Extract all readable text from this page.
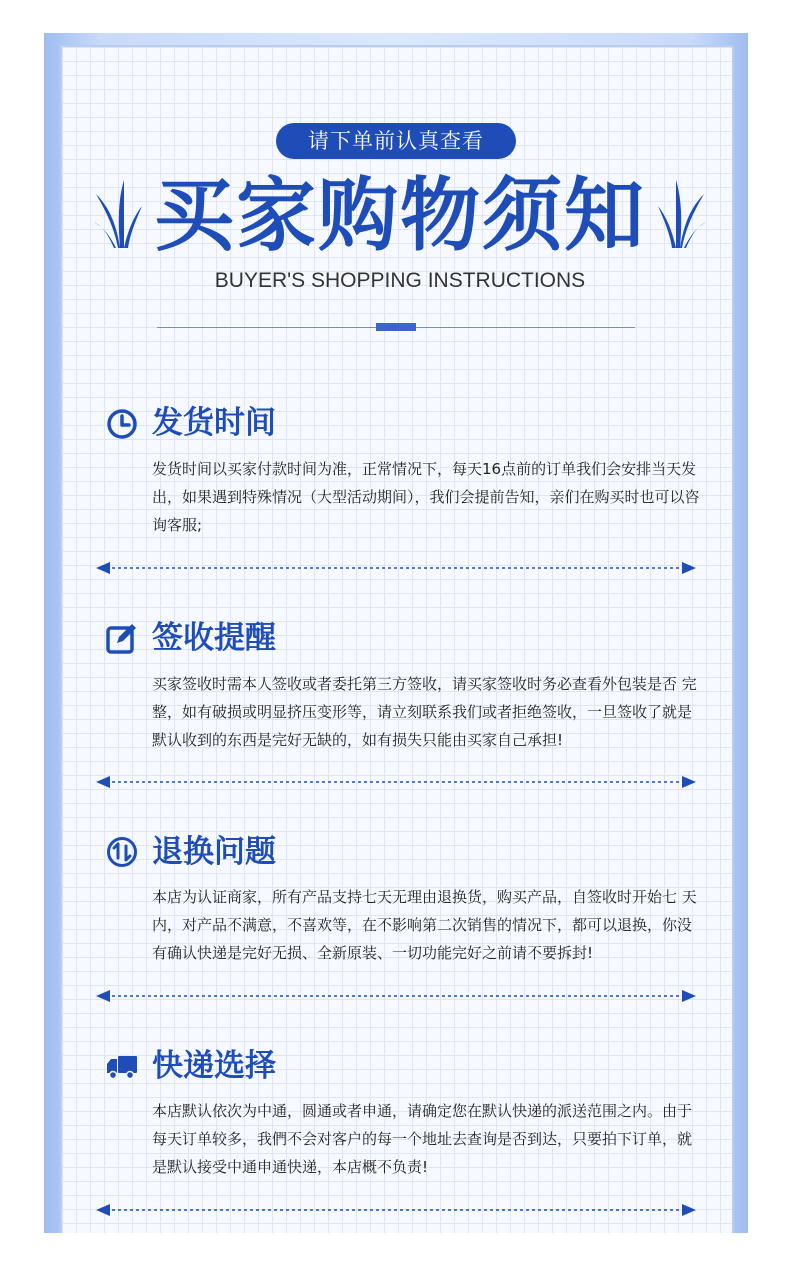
请下单前认真查看
买家购物须知
BUYER'S SHOPPING INSTRUCTIONS
发货时间
发货时间以买家付款时间为准，正常情况下，每天16点前的订单我们会安排当天发出，如果遇到特殊情况（大型活动期间），我们会提前告知，亲们在购买时也可以咨询客服;
签收提醒
买家签收时需本人签收或者委托第三方签收，请买家签收时务必查看外包装是否 完整，如有破损或明显挤压变形等，请立刻联系我们或者拒绝签收，一旦签收了就是默认收到的东西是完好无缺的，如有损失只能由买家自己承担!
退换问题
本店为认证商家，所有产品支持七天无理由退换货，购买产品，自签收时开始七 天内，对产品不满意，不喜欢等，在不影响第二次销售的情况下，都可以退换，你没有确认快递是完好无损、全新原装、一切功能完好之前请不要拆封!
快递选择
本店默认依次为中通，圆通或者申通，请确定您在默认快递的派送范围之内。由于每天订单较多，我們不会对客户的每一个地址去查询是否到达，只要拍下订单，就是默认接受中通申通快递，本店概不负责!
